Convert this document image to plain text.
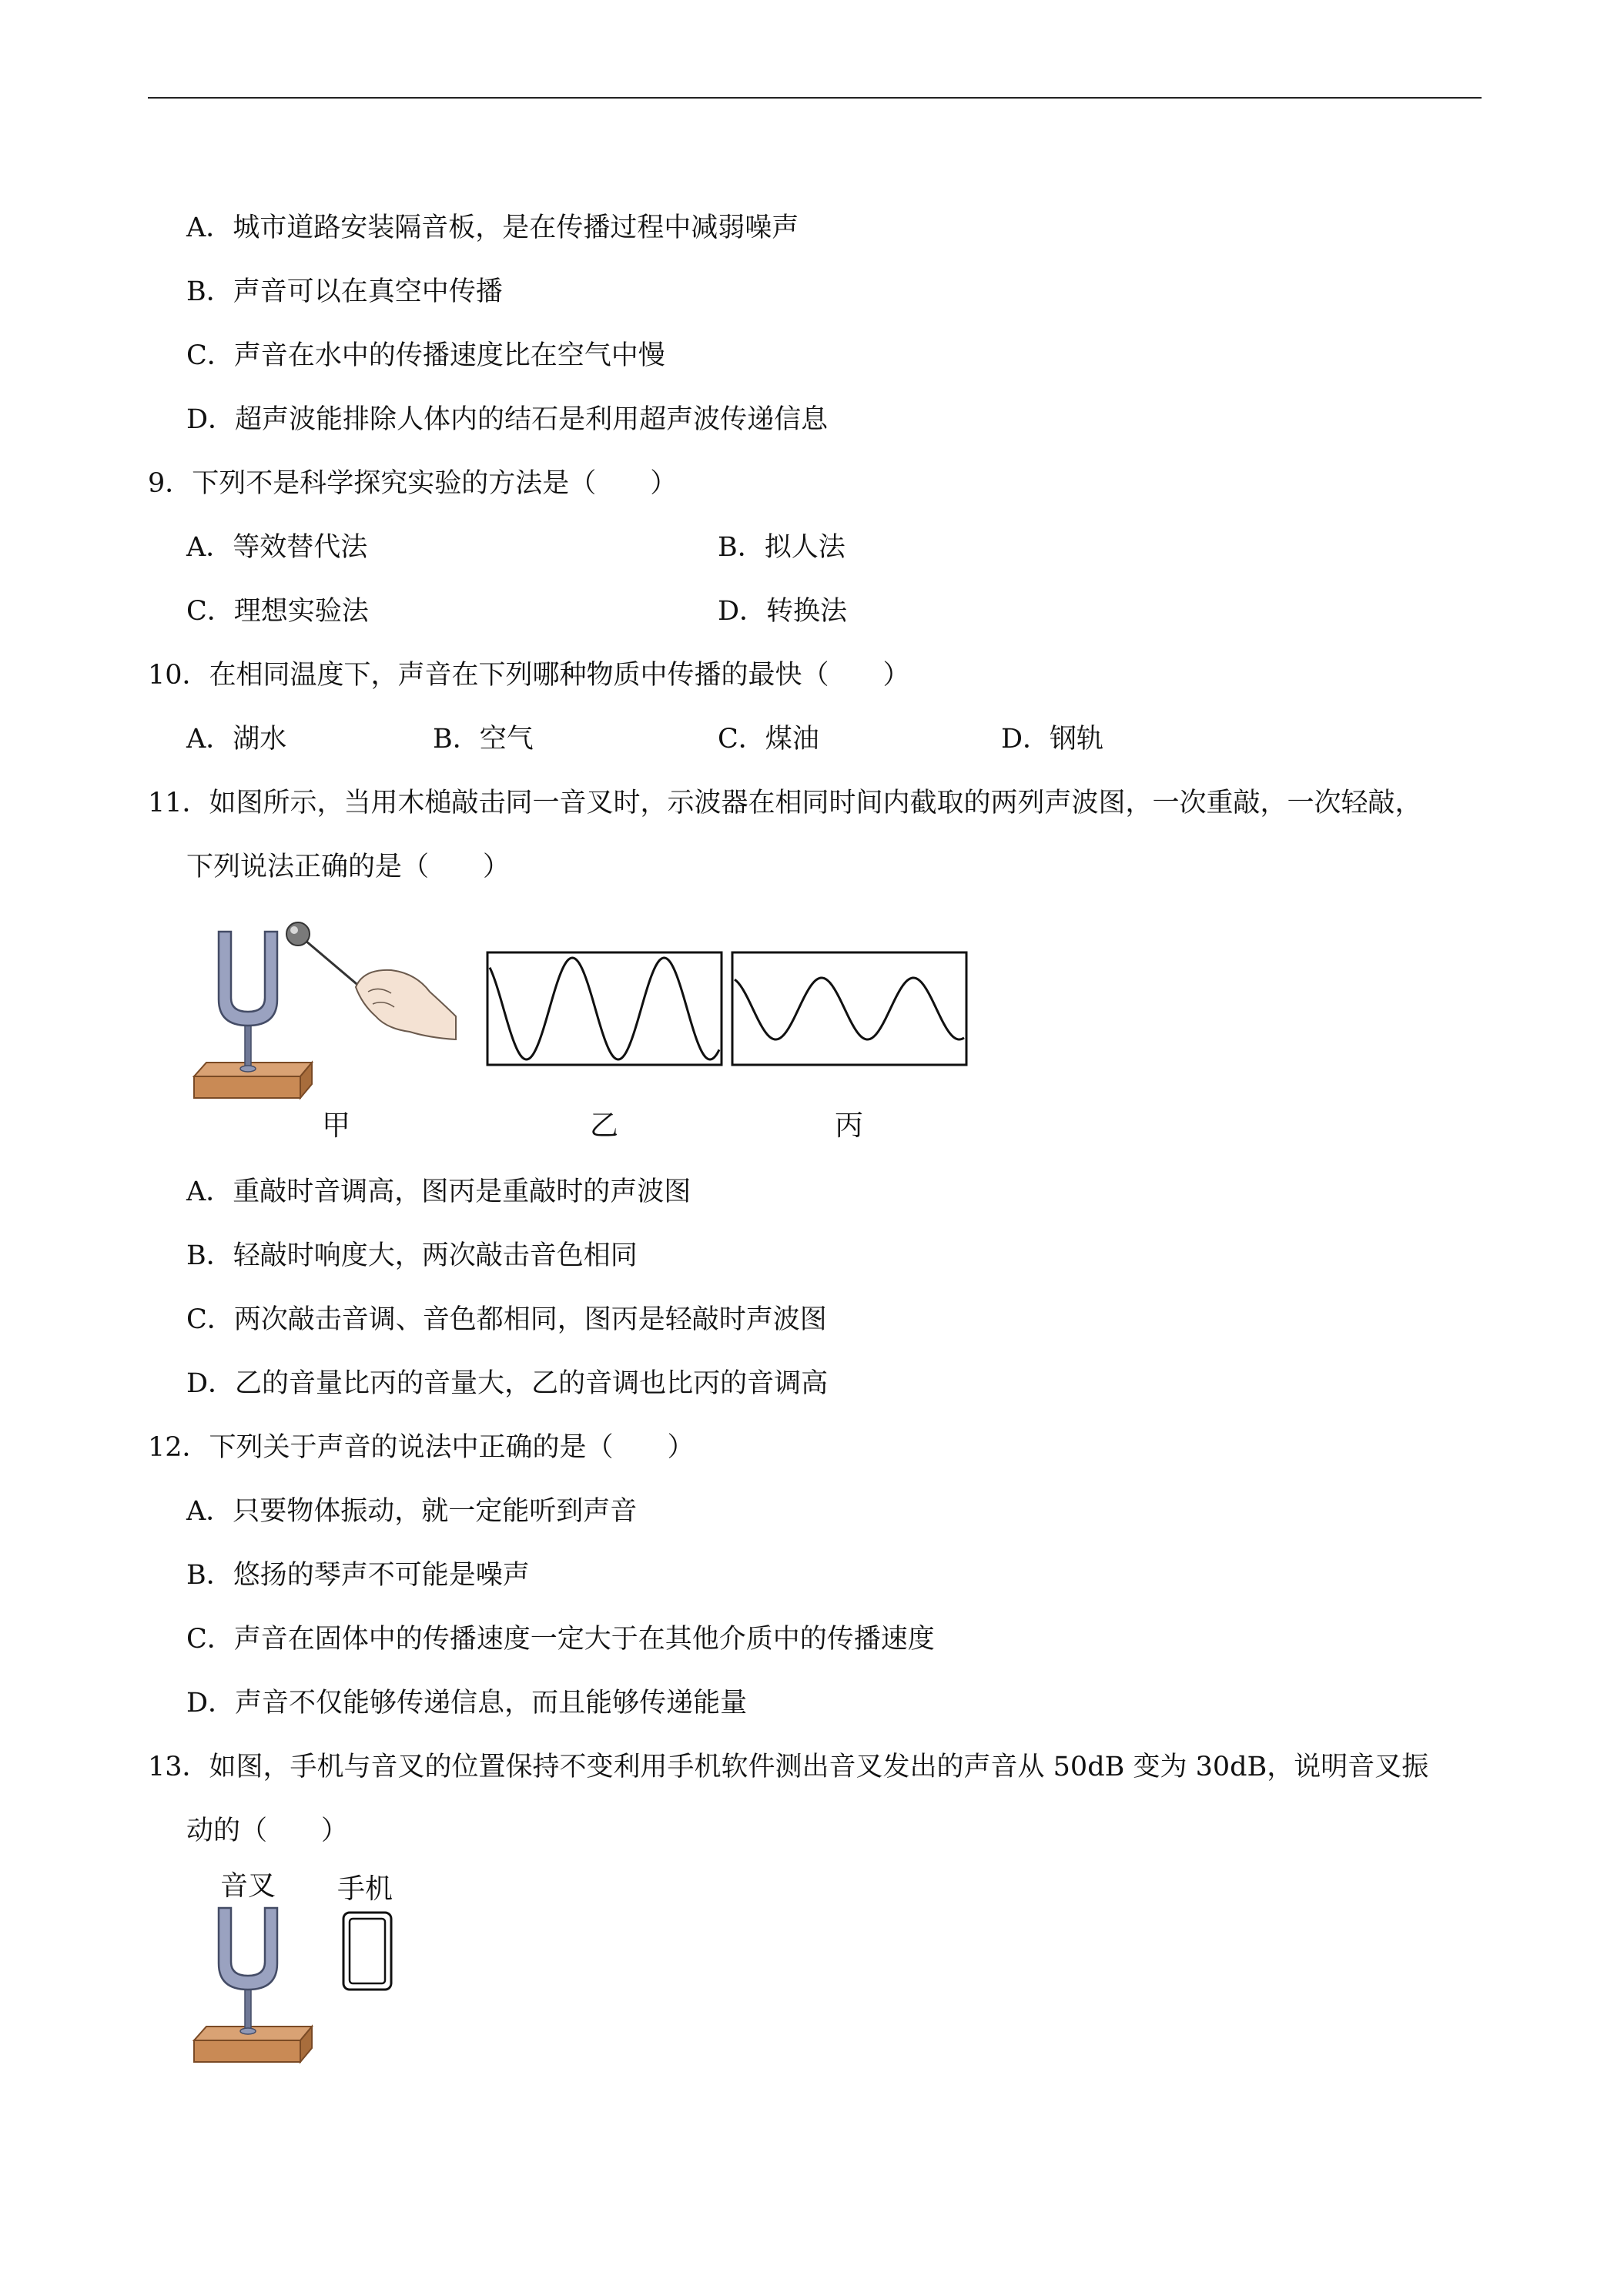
A．城市道路安装隔音板，是在传播过程中减弱噪声
B．声音可以在真空中传播
C．声音在水中的传播速度比在空气中慢
D．超声波能排除人体内的结石是利用超声波传递信息
9．下列不是科学探究实验的方法是（　　）
A．等效替代法	B．拟人法
C．理想实验法	D．转换法
10．在相同温度下，声音在下列哪种物质中传播的最快（　　）
A．湖水	B．空气	C．煤油	D．钢轨
11．如图所示，当用木槌敲击同一音叉时，示波器在相同时间内截取的两列声波图，一次重敲，一次轻敲，
下列说法正确的是（　　）
甲	乙	丙
A．重敲时音调高，图丙是重敲时的声波图
B．轻敲时响度大，两次敲击音色相同
C．两次敲击音调、音色都相同，图丙是轻敲时声波图
D．乙的音量比丙的音量大，乙的音调也比丙的音调高
12．下列关于声音的说法中正确的是（　　）
A．只要物体振动，就一定能听到声音
B．悠扬的琴声不可能是噪声
C．声音在固体中的传播速度一定大于在其他介质中的传播速度
D．声音不仅能够传递信息，而且能够传递能量
13．如图，手机与音叉的位置保持不变利用手机软件测出音叉发出的声音从 50dB 变为 30dB，说明音叉振
动的（　　）
音叉 手机
